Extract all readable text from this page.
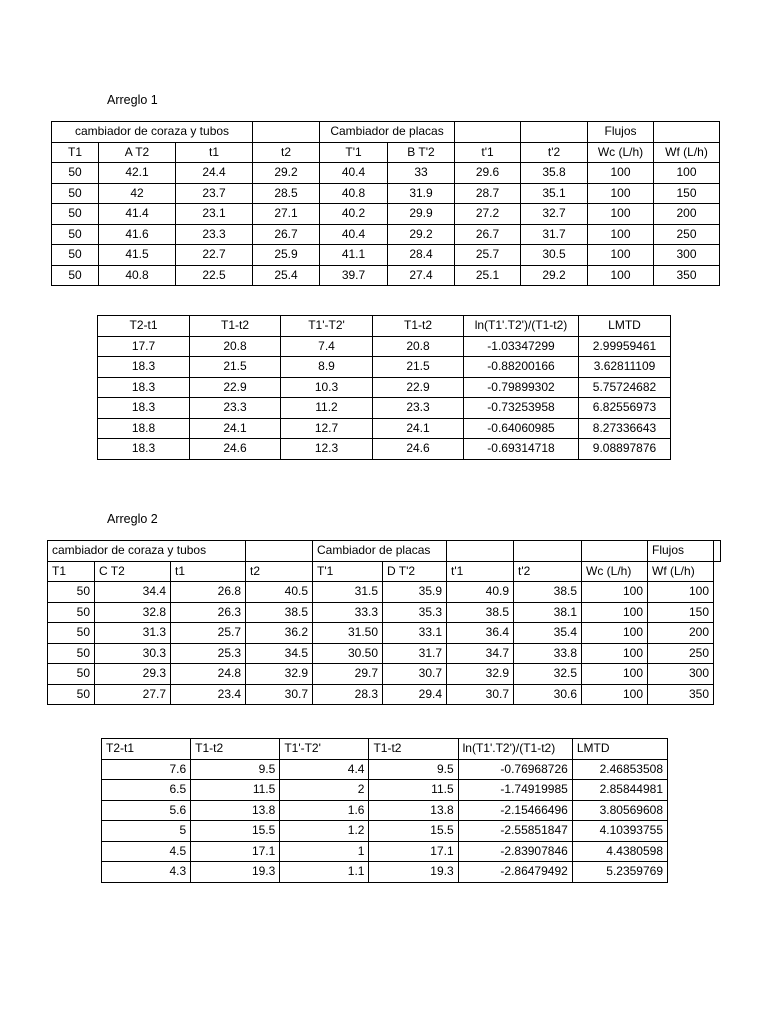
Arreglo 1
cambiador de coraza y tubos				Cambiador de placas				Flujos	
T1	A T2	t1	t2	T'1	B T'2	t'1	t'2	Wc (L/h)	Wf (L/h)
50	42.1	24.4	29.2	40.4	33	29.6	35.8	100	100
50	42	23.7	28.5	40.8	31.9	28.7	35.1	100	150
50	41.4	23.1	27.1	40.2	29.9	27.2	32.7	100	200
50	41.6	23.3	26.7	40.4	29.2	26.7	31.7	100	250
50	41.5	22.7	25.9	41.1	28.4	25.7	30.5	100	300
50	40.8	22.5	25.4	39.7	27.4	25.1	29.2	100	350
T2-t1	T1-t2	T1'-T2'	T1-t2	ln(T1'.T2')/(T1-t2)	LMTD
17.7	20.8	7.4	20.8	-1.03347299	2.99959461
18.3	21.5	8.9	21.5	-0.88200166	3.62811109
18.3	22.9	10.3	22.9	-0.79899302	5.75724682
18.3	23.3	11.2	23.3	-0.73253958	6.82556973
18.8	24.1	12.7	24.1	-0.64060985	8.27336643
18.3	24.6	12.3	24.6	-0.69314718	9.08897876
Arreglo 2
cambiador de coraza y tubos				Cambiador de placas					Flujos	
T1	C T2	t1	t2	T'1	D T'2	t'1	t'2	Wc (L/h)	Wf (L/h)	
50	34.4	26.8	40.5	31.5	35.9	40.9	38.5	100	100	
50	32.8	26.3	38.5	33.3	35.3	38.5	38.1	100	150	
50	31.3	25.7	36.2	31.50	33.1	36.4	35.4	100	200	
50	30.3	25.3	34.5	30.50	31.7	34.7	33.8	100	250	
50	29.3	24.8	32.9	29.7	30.7	32.9	32.5	100	300	
50	27.7	23.4	30.7	28.3	29.4	30.7	30.6	100	350	
T2-t1	T1-t2	T1'-T2'	T1-t2	ln(T1'.T2')/(T1-t2)	LMTD
7.6	9.5	4.4	9.5	-0.76968726	2.46853508
6.5	11.5	2	11.5	-1.74919985	2.85844981
5.6	13.8	1.6	13.8	-2.15466496	3.80569608
5	15.5	1.2	15.5	-2.55851847	4.10393755
4.5	17.1	1	17.1	-2.83907846	4.4380598
4.3	19.3	1.1	19.3	-2.86479492	5.2359769
